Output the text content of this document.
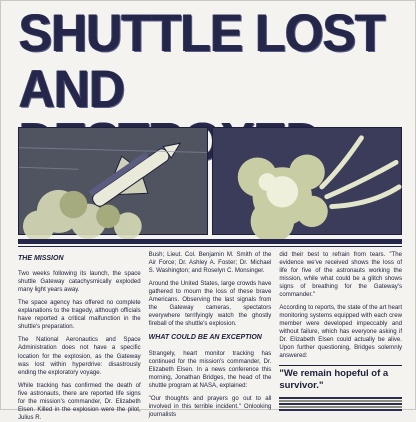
SHUTTLE LOST
AND
THE MISSION

Two weeks following its launch, the space shuttle Gateway catachysmically exploded many light years away.

The space agency has offered no complete explanations to the tragedy, although officials have reported a critical malfunction in the shuttle's preparation.

The National Aeronautics and Space Administration does not have a specific location for the explosion, as the Gateway was lost within hyperdrive: disastrously ending the exploratory voyage.

While tracking has confirmed the death of five astronauts, there are reported life signs for the mission's commander, Dr. Elizabeth Elsen. Killed in the explosion were the pilot, Julius R.

Bush; Lieut. Col. Benjamin M. Smith of the Air Force; Dr. Ashley A. Foster; Dr. Michael S. Washington; and Roselyn C. Monsinger.

Around the United States, large crowds have gathered to mourn the loss of these brave Americans. Observing the last signals from the Gateway cameras, spectators everywhere terrifyingly watch the ghostly fireball of the shuttle's explosion.

WHAT COULD BE AN EXCEPTION

Strangely, heart monitor tracking has continued for the mission's commander, Dr. Elizabeth Elsen. In a news conference this morning, Jonathan Bridges, the head of the shuttle program at NASA, explained:

"Our thoughts and prayers go out to all involved in this terrible incident." Onlooking journalists

did their best to refrain from tears. "The evidence we've received shows the loss of life for five of the astronauts working the mission, while what could be a glitch shows signs of breathing for the Gateway's commander."

According to reports, the state of the art heart monitoring systems equipped with each crew member were developed impeccably and without failure, which has everyone asking if Dr. Elizabeth Elsen could actually be alive. Upon further questioning, Bridges solemnly answered:

"We remain hopeful of a survivor."
